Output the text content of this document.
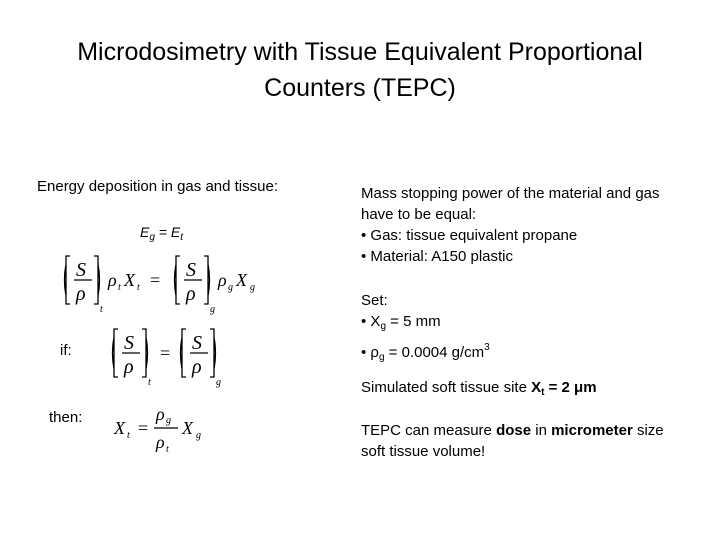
Microdosimetry with Tissue Equivalent Proportional
Counters (TEPC)
Energy deposition in gas and tissue:
$E_g = E_t$
S
ρ
t
ρ t X t = S
ρ
g
ρ g X g
if:	S
ρ
t
= S
ρ
g
then:
X t =
ρ g
ρ t
X g
Mass stopping power of the material and gas
have to be equal:
• Gas: tissue equivalent propane
• Material: A150 plastic
Set:
• $X_g = 5$ mm
• $\rho_g = 0.0004$ $g/cm^3$
Simulated soft tissue site $X_t = 2$ μm
TEPC can measure dose in micrometer size
soft tissue volume!
